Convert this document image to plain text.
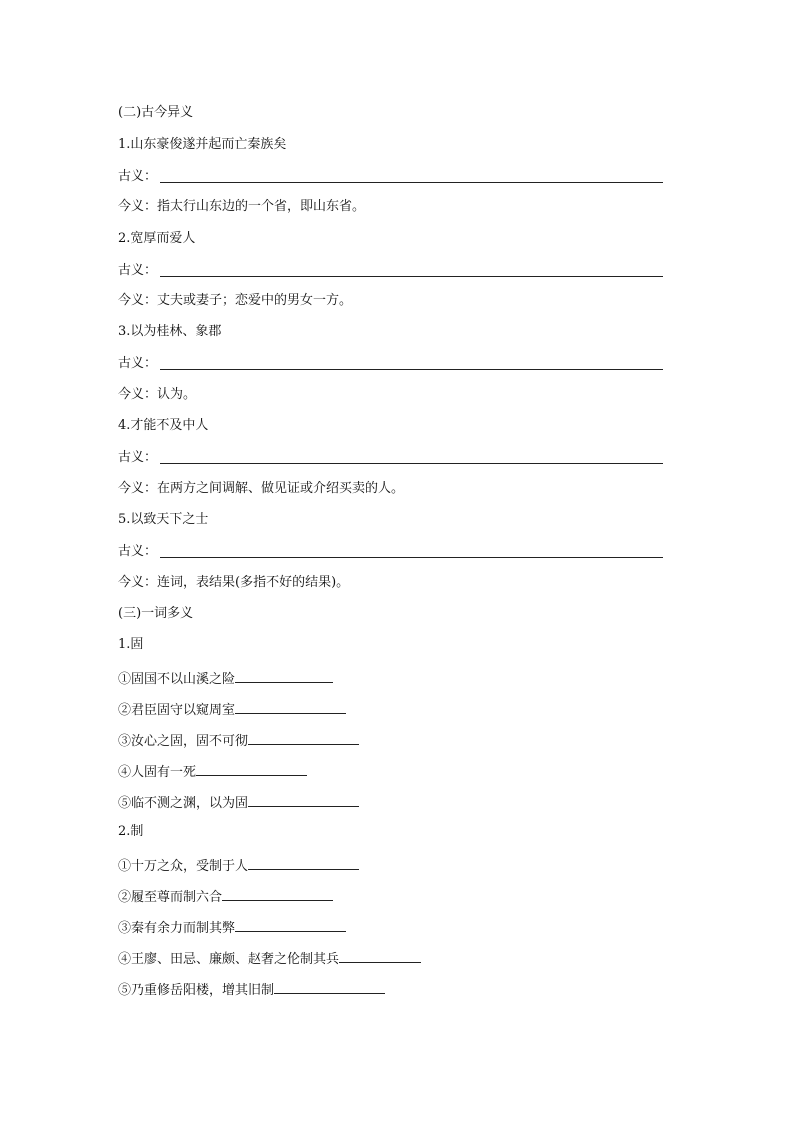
(二)古今异义
1.山东豪俊遂并起而亡秦族矣
古义：
今义：指太行山东边的一个省，即山东省。
2.宽厚而爱人
古义：
今义：丈夫或妻子；恋爱中的男女一方。
3.以为桂林、象郡
古义：
今义：认为。
4.才能不及中人
古义：
今义：在两方之间调解、做见证或介绍买卖的人。
5.以致天下之士
古义：
今义：连词，表结果(多指不好的结果)。
(三)一词多义
1.固
①固国不以山溪之险
②君臣固守以窥周室
③汝心之固，固不可彻
④人固有一死
⑤临不测之渊，以为固
2.制
①十万之众，受制于人
②履至尊而制六合
③秦有余力而制其弊
④王廖、田忌、廉颇、赵奢之伦制其兵
⑤乃重修岳阳楼，增其旧制
